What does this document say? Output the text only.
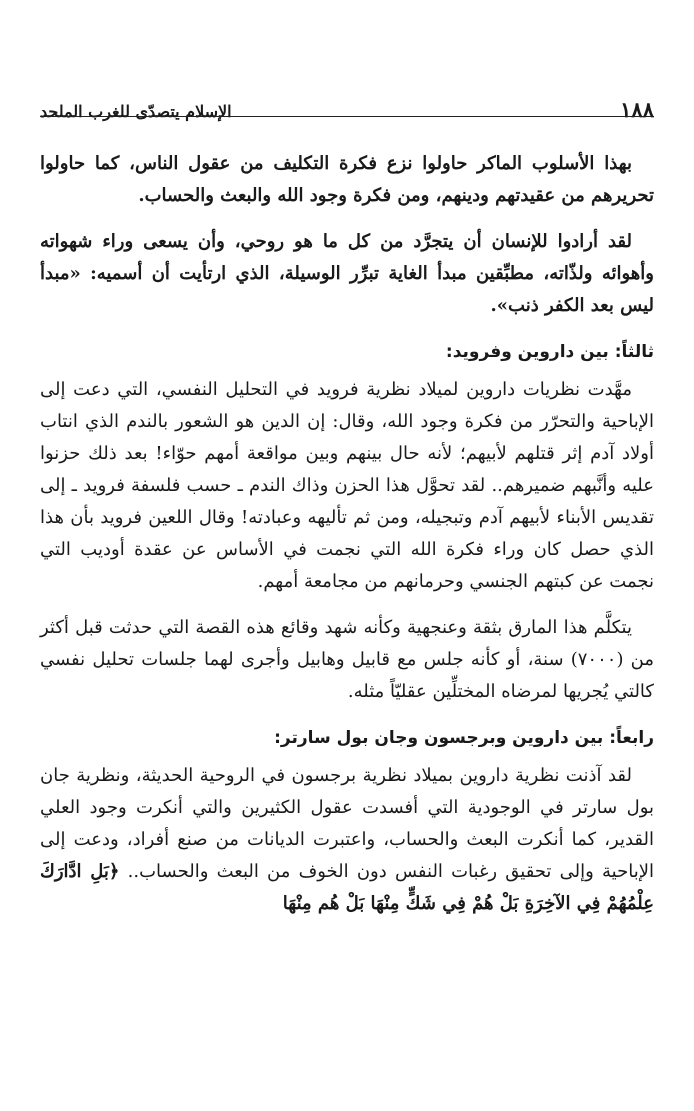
١٨٨
الإسلام يتصدّى للغرب الملحد

بهذا الأسلوب الماكر حاولوا نزع فكرة التكليف من عقول الناس، كما حاولوا تحريرهم من عقيدتهم ودينهم، ومن فكرة وجود الله والبعث والحساب.

لقد أرادوا للإنسان أن يتجرَّد من كل ما هو روحي، وأن يسعى وراء شهواته وأهوائه ولذّاته، مطبِّقين مبدأ الغاية تبرِّر الوسيلة، الذي ارتأيت أن أسميه: «مبدأ ليس بعد الكفر ذنب».

ثالثاً: بين داروين وفرويد:

مهَّدت نظريات داروين لميلاد نظرية فرويد في التحليل النفسي، التي دعت إلى الإباحية والتحرّر من فكرة وجود الله، وقال: إن الدين هو الشعور بالندم الذي انتاب أولاد آدم إثر قتلهم لأبيهم؛ لأنه حال بينهم وبين مواقعة أمهم حوّاء! بعد ذلك حزنوا عليه وأنَّبهم ضميرهم.. لقد تحوَّل هذا الحزن وذاك الندم ـ حسب فلسفة فرويد ـ إلى تقديس الأبناء لأبيهم آدم وتبجيله، ومن ثم تأليهه وعبادته! وقال اللعين فرويد بأن هذا الذي حصل كان وراء فكرة الله التي نجمت في الأساس عن عقدة أوديب التي نجمت عن كبتهم الجنسي وحرمانهم من مجامعة أمهم.

يتكلَّم هذا المارق بثقة وعنجهية وكأنه شهد وقائع هذه القصة التي حدثت قبل أكثر من (٧٠٠٠) سنة، أو كأنه جلس مع قابيل وهابيل وأجرى لهما جلسات تحليل نفسي كالتي يُجريها لمرضاه المختلِّين عقليّاً مثله.

رابعاً: بين داروين وبرجسون وجان بول سارتر:

لقد آذنت نظرية داروين بميلاد نظرية برجسون في الروحية الحديثة، ونظرية جان بول سارتر في الوجودية التي أفسدت عقول الكثيرين والتي أنكرت وجود العلي القدير، كما أنكرت البعث والحساب، واعتبرت الديانات من صنع أفراد، ودعت إلى الإباحية وإلى تحقيق رغبات النفس دون الخوف من البعث والحساب.. ﴿بَلِ ادَّارَكَ عِلْمُهُمْ فِي الآخِرَةِ بَلْ هُمْ فِي شَكٍّ مِنْهَا بَلْ هُم مِنْهَا
